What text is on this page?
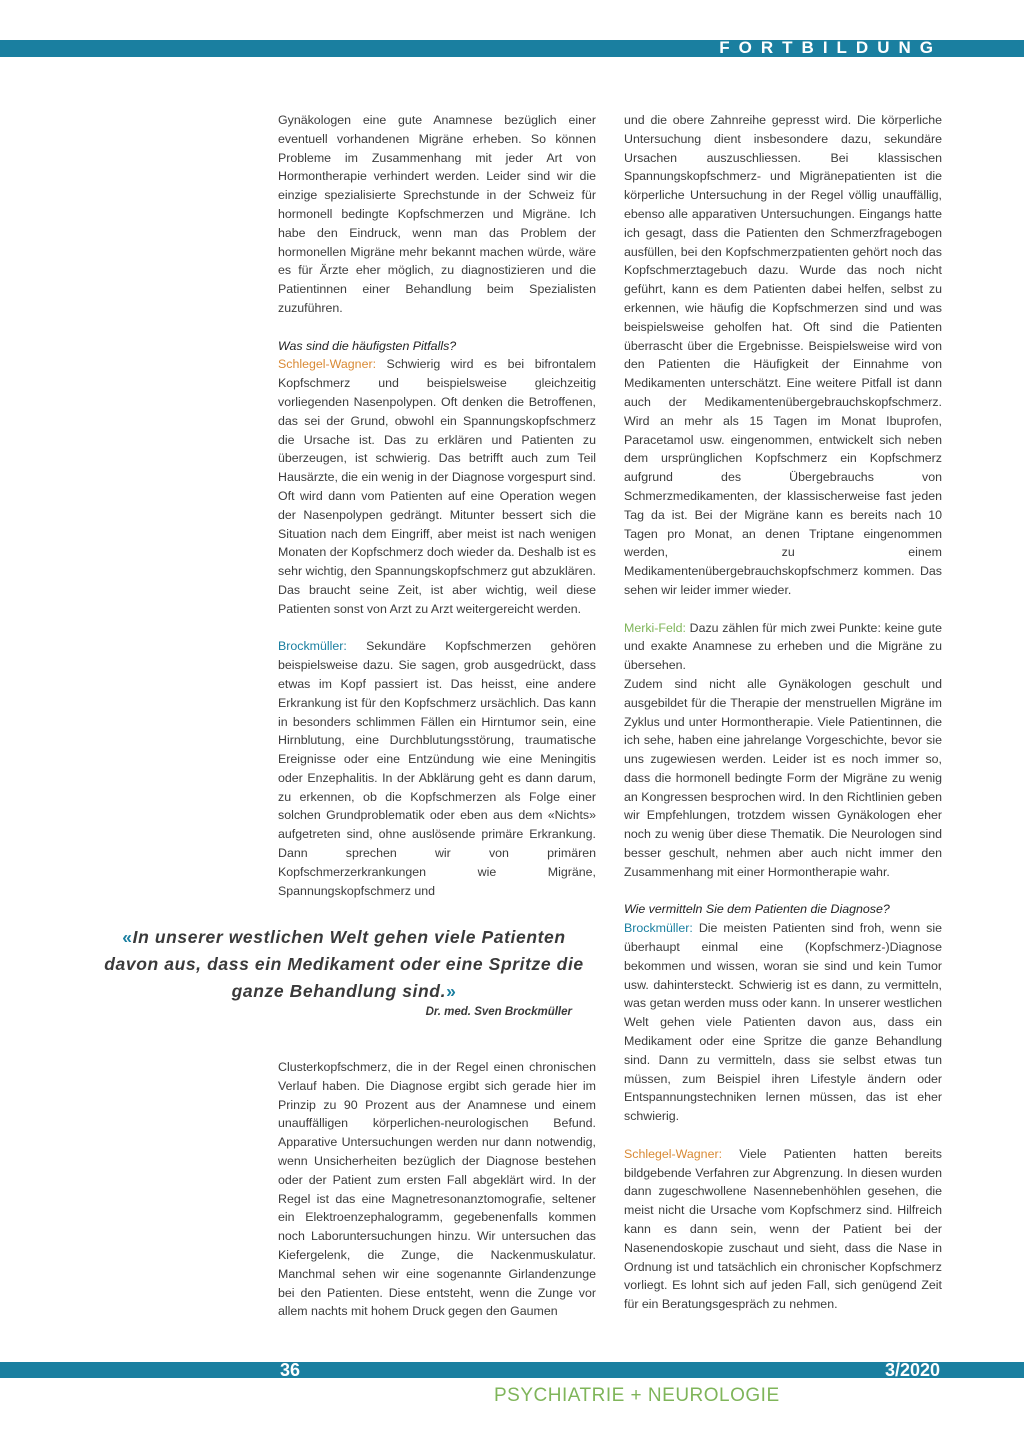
FORTBILDUNG

Gynäkologen eine gute Anamnese bezüglich einer eventuell vorhandenen Migräne erheben. So können Probleme im Zusammenhang mit jeder Art von Hormontherapie verhindert werden. Leider sind wir die einzige spezialisierte Sprechstunde in der Schweiz für hormonell bedingte Kopfschmerzen und Migräne. Ich habe den Eindruck, wenn man das Problem der hormonellen Migräne mehr bekannt machen würde, wäre es für Ärzte eher möglich, zu diagnostizieren und die Patientinnen einer Behandlung beim Spezialisten zuzuführen.

Was sind die häufigsten Pitfalls?
Schlegel-Wagner: Schwierig wird es bei bifrontalem Kopfschmerz und beispielsweise gleichzeitig vorliegenden Nasenpolypen. Oft denken die Betroffenen, das sei der Grund, obwohl ein Spannungskopfschmerz die Ursache ist. Das zu erklären und Patienten zu überzeugen, ist schwierig. Das betrifft auch zum Teil Hausärzte, die ein wenig in der Diagnose vorgespurt sind. Oft wird dann vom Patienten auf eine Operation wegen der Nasenpolypen gedrängt. Mitunter bessert sich die Situation nach dem Eingriff, aber meist ist nach wenigen Monaten der Kopfschmerz doch wieder da. Deshalb ist es sehr wichtig, den Spannungskopfschmerz gut abzuklären. Das braucht seine Zeit, ist aber wichtig, weil diese Patienten sonst von Arzt zu Arzt weitergereicht werden.

Brockmüller: Sekundäre Kopfschmerzen gehören beispielsweise dazu. Sie sagen, grob ausgedrückt, dass etwas im Kopf passiert ist. Das heisst, eine andere Erkrankung ist für den Kopfschmerz ursächlich. Das kann in besonders schlimmen Fällen ein Hirntumor sein, eine Hirnblutung, eine Durchblutungsstörung, traumatische Ereignisse oder eine Entzündung wie eine Meningitis oder Enzephalitis. In der Abklärung geht es dann darum, zu erkennen, ob die Kopfschmerzen als Folge einer solchen Grundproblematik oder eben aus dem «Nichts» aufgetreten sind, ohne auslösende primäre Erkrankung. Dann sprechen wir von primären Kopfschmerzerkrankungen wie Migräne, Spannungskopfschmerz und

«In unserer westlichen Welt gehen viele Patienten davon aus, dass ein Medikament oder eine Spritze die ganze Behandlung sind.»
Dr. med. Sven Brockmüller

Clusterkopfschmerz, die in der Regel einen chronischen Verlauf haben. Die Diagnose ergibt sich gerade hier im Prinzip zu 90 Prozent aus der Anamnese und einem unauffälligen körperlichen-neurologischen Befund. Apparative Untersuchungen werden nur dann notwendig, wenn Unsicherheiten bezüglich der Diagnose bestehen oder der Patient zum ersten Fall abgeklärt wird. In der Regel ist das eine Magnetresonanztomografie, seltener ein Elektroenzephalogramm, gegebenenfalls kommen noch Laboruntersuchungen hinzu. Wir untersuchen das Kiefergelenk, die Zunge, die Nackenmuskulatur. Manchmal sehen wir eine sogenannte Girlandenzunge bei den Patienten. Diese entsteht, wenn die Zunge vor allem nachts mit hohem Druck gegen den Gaumen

und die obere Zahnreihe gepresst wird. Die körperliche Untersuchung dient insbesondere dazu, sekundäre Ursachen auszuschliessen. Bei klassischen Spannungskopfschmerz- und Migränepatienten ist die körperliche Untersuchung in der Regel völlig unauffällig, ebenso alle apparativen Untersuchungen. Eingangs hatte ich gesagt, dass die Patienten den Schmerzfragebogen ausfüllen, bei den Kopfschmerzpatienten gehört noch das Kopfschmerztagebuch dazu. Wurde das noch nicht geführt, kann es dem Patienten dabei helfen, selbst zu erkennen, wie häufig die Kopfschmerzen sind und was beispielsweise geholfen hat. Oft sind die Patienten überrascht über die Ergebnisse. Beispielsweise wird von den Patienten die Häufigkeit der Einnahme von Medikamenten unterschätzt. Eine weitere Pitfall ist dann auch der Medikamentenübergebrauchskopfschmerz. Wird an mehr als 15 Tagen im Monat Ibuprofen, Paracetamol usw. eingenommen, entwickelt sich neben dem ursprünglichen Kopfschmerz ein Kopfschmerz aufgrund des Übergebrauchs von Schmerzmedikamenten, der klassischerweise fast jeden Tag da ist. Bei der Migräne kann es bereits nach 10 Tagen pro Monat, an denen Triptane eingenommen werden, zu einem Medikamentenübergebrauchskopfschmerz kommen. Das sehen wir leider immer wieder.

Merki-Feld: Dazu zählen für mich zwei Punkte: keine gute und exakte Anamnese zu erheben und die Migräne zu übersehen.

Zudem sind nicht alle Gynäkologen geschult und ausgebildet für die Therapie der menstruellen Migräne im Zyklus und unter Hormontherapie. Viele Patientinnen, die ich sehe, haben eine jahrelange Vorgeschichte, bevor sie uns zugewiesen werden. Leider ist es noch immer so, dass die hormonell bedingte Form der Migräne zu wenig an Kongressen besprochen wird. In den Richtlinien geben wir Empfehlungen, trotzdem wissen Gynäkologen eher noch zu wenig über diese Thematik. Die Neurologen sind besser geschult, nehmen aber auch nicht immer den Zusammenhang mit einer Hormontherapie wahr.

Wie vermitteln Sie dem Patienten die Diagnose?
Brockmüller: Die meisten Patienten sind froh, wenn sie überhaupt einmal eine (Kopfschmerz-)Diagnose bekommen und wissen, woran sie sind und kein Tumor usw. dahintersteckt. Schwierig ist es dann, zu vermitteln, was getan werden muss oder kann. In unserer westlichen Welt gehen viele Patienten davon aus, dass ein Medikament oder eine Spritze die ganze Behandlung sind. Dann zu vermitteln, dass sie selbst etwas tun müssen, zum Beispiel ihren Lifestyle ändern oder Entspannungstechniken lernen müssen, das ist eher schwierig.

Schlegel-Wagner: Viele Patienten hatten bereits bildgebende Verfahren zur Abgrenzung. In diesen wurden dann zugeschwollene Nasennebenhöhlen gesehen, die meist nicht die Ursache vom Kopfschmerz sind. Hilfreich kann es dann sein, wenn der Patient bei der Nasenendoskopie zuschaut und sieht, dass die Nase in Ordnung ist und tatsächlich ein chronischer Kopfschmerz vorliegt. Es lohnt sich auf jeden Fall, sich genügend Zeit für ein Beratungsgespräch zu nehmen.

36	3/2020
PSYCHIATRIE + NEUROLOGIE
